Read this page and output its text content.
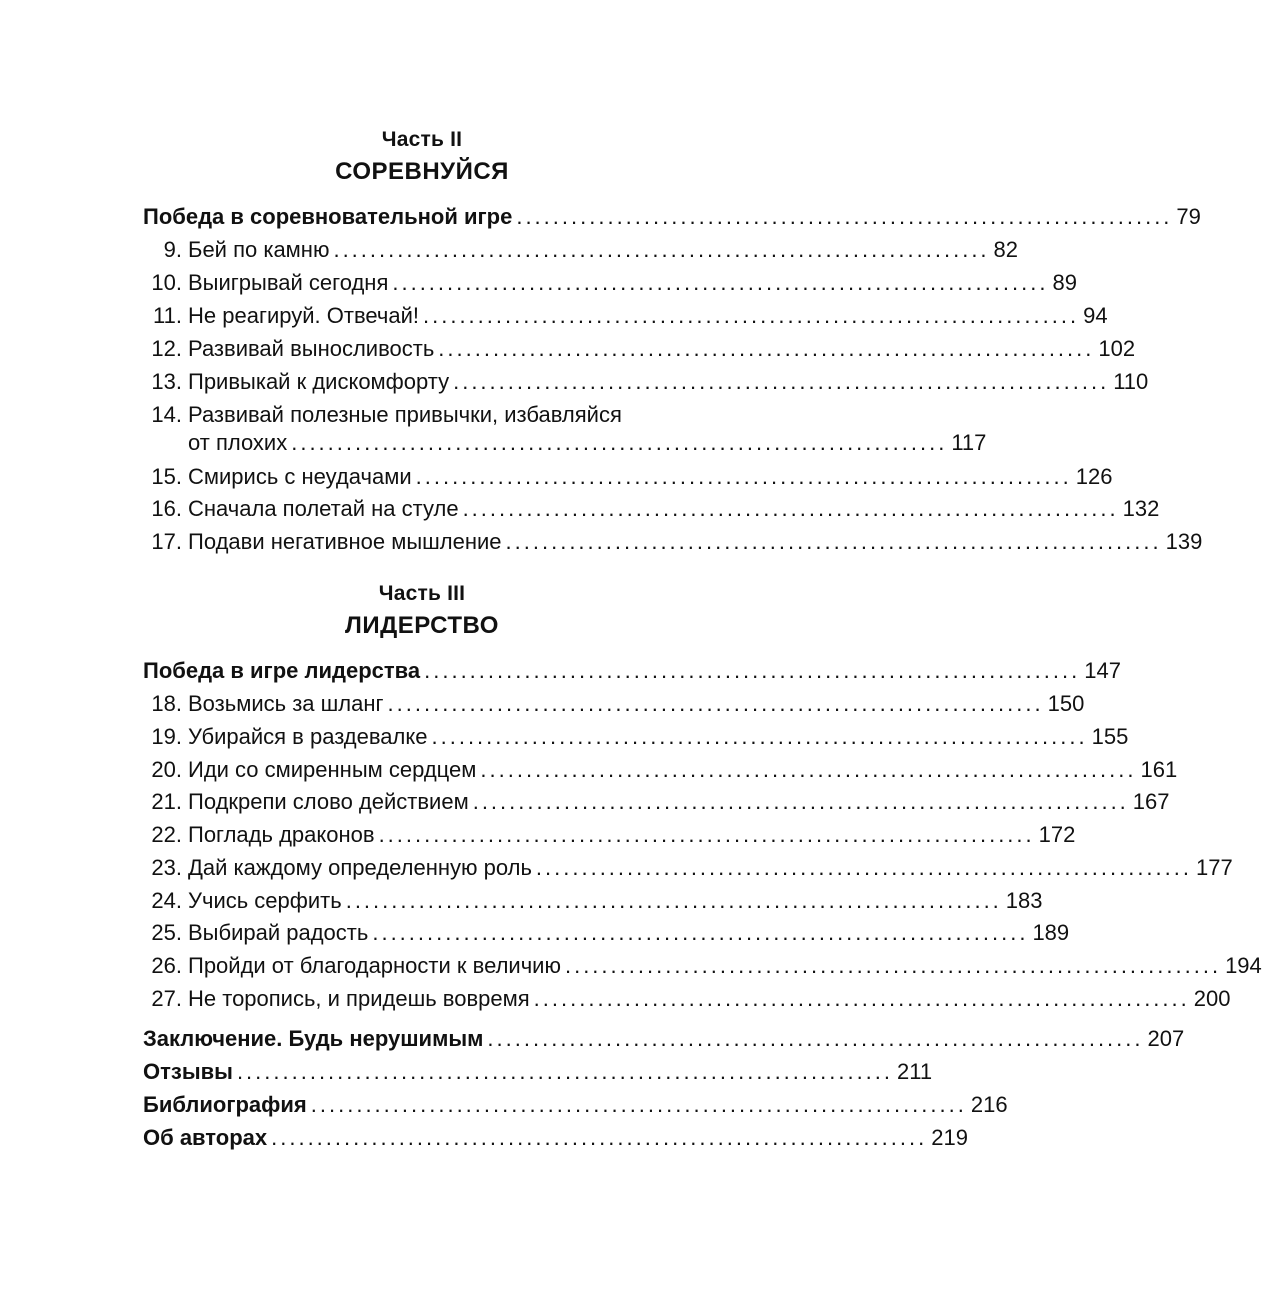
Часть II
СОРЕВНУЙСЯ
Победа в соревновательной игре ........................................................................ 79
9. Бей по камню ........................................................................ 82
10. Выигрывай сегодня ........................................................................ 89
11. Не реагируй. Отвечай! ........................................................................ 94
12. Развивай выносливость ........................................................................ 102
13. Привыкай к дискомфорту ........................................................................ 110
14. Развивай полезные привычки, избавляйся
от плохих ........................................................................ 117
15. Смирись с неудачами ........................................................................ 126
16. Сначала полетай на стуле ........................................................................ 132
17. Подави негативное мышление ........................................................................ 139
Часть III
ЛИДЕРСТВО
Победа в игре лидерства ........................................................................ 147
18. Возьмись за шланг ........................................................................ 150
19. Убирайся в раздевалке ........................................................................ 155
20. Иди со смиренным сердцем ........................................................................ 161
21. Подкрепи слово действием ........................................................................ 167
22. Погладь драконов ........................................................................ 172
23. Дай каждому определенную роль ........................................................................ 177
24. Учись серфить ........................................................................ 183
25. Выбирай радость ........................................................................ 189
26. Пройди от благодарности к величию ........................................................................ 194
27. Не торопись, и придешь вовремя ........................................................................ 200
Заключение. Будь нерушимым ........................................................................ 207
Отзывы ........................................................................ 211
Библиография ........................................................................ 216
Об авторах ........................................................................ 219
